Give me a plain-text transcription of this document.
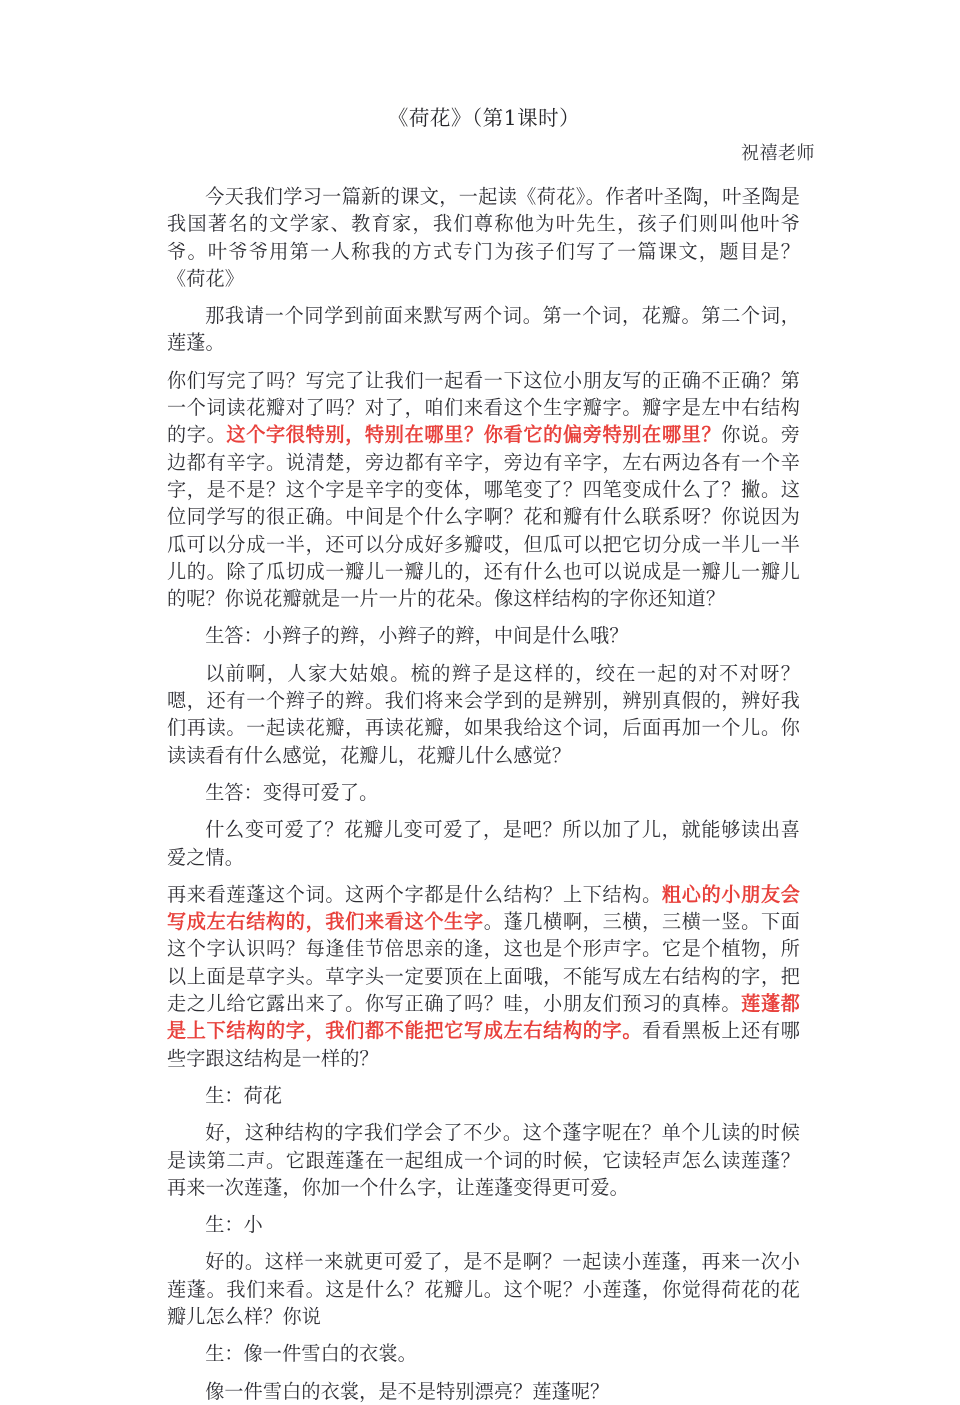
《荷花》（第1课时）
祝禧老师

今天我们学习一篇新的课文，一起读《荷花》。作者叶圣陶，叶圣陶是我国著名的文学家、教育家，我们尊称他为叶先生，孩子们则叫他叶爷爷。叶爷爷用第一人称我的方式专门为孩子们写了一篇课文，题目是？《荷花》

那我请一个同学到前面来默写两个词。第一个词，花瓣。第二个词，莲蓬。

你们写完了吗？写完了让我们一起看一下这位小朋友写的正确不正确？第一个词读花瓣对了吗？对了，咱们来看这个生字瓣字。瓣字是左中右结构的字。这个字很特别，特别在哪里？你看它的偏旁特别在哪里？你说。旁边都有辛字。说清楚，旁边都有辛字，旁边有辛字，左右两边各有一个辛字，是不是？这个字是辛字的变体，哪笔变了？四笔变成什么了？撇。这位同学写的很正确。中间是个什么字啊？花和瓣有什么联系呀？你说因为瓜可以分成一半，还可以分成好多瓣哎，但瓜可以把它切分成一半儿一半儿的。除了瓜切成一瓣儿一瓣儿的，还有什么也可以说成是一瓣儿一瓣儿的呢？你说花瓣就是一片一片的花朵。像这样结构的字你还知道？

生答：小辫子的辫，小辫子的辫，中间是什么哦？

以前啊，人家大姑娘。梳的辫子是这样的，绞在一起的对不对呀？嗯，还有一个辫子的辫。我们将来会学到的是辨别，辨别真假的，辨好我们再读。一起读花瓣，再读花瓣，如果我给这个词，后面再加一个儿。你读读看有什么感觉，花瓣儿，花瓣儿什么感觉？

生答：变得可爱了。

什么变可爱了？花瓣儿变可爱了，是吧？所以加了儿，就能够读出喜爱之情。

再来看莲蓬这个词。这两个字都是什么结构？上下结构。粗心的小朋友会写成左右结构的，我们来看这个生字。蓬几横啊，三横，三横一竖。下面这个字认识吗？每逢佳节倍思亲的逢，这也是个形声字。它是个植物，所以上面是草字头。草字头一定要顶在上面哦，不能写成左右结构的字，把走之儿给它露出来了。你写正确了吗？哇，小朋友们预习的真棒。莲蓬都是上下结构的字，我们都不能把它写成左右结构的字。看看黑板上还有哪些字跟这结构是一样的？

生：荷花

好，这种结构的字我们学会了不少。这个蓬字呢在？单个儿读的时候是读第二声。它跟莲蓬在一起组成一个词的时候，它读轻声怎么读莲蓬？再来一次莲蓬，你加一个什么字，让莲蓬变得更可爱。

生：小

好的。这样一来就更可爱了，是不是啊？一起读小莲蓬，再来一次小莲蓬。我们来看。这是什么？花瓣儿。这个呢？小莲蓬，你觉得荷花的花瓣儿怎么样？你说

生：像一件雪白的衣裳。

像一件雪白的衣裳，是不是特别漂亮？莲蓬呢？
